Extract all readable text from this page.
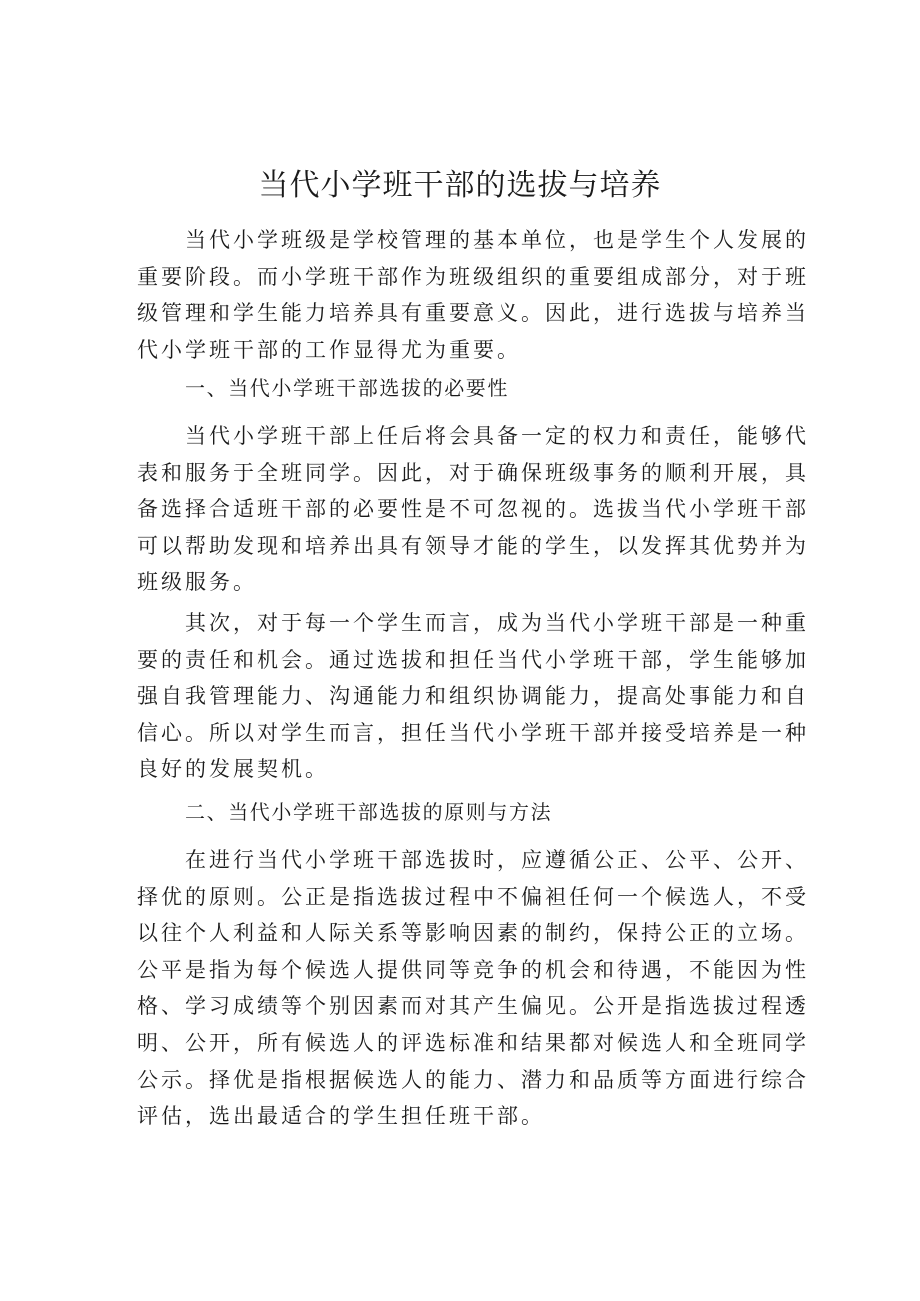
当代小学班干部的选拔与培养

当代小学班级是学校管理的基本单位，也是学生个人发展的重要阶段。而小学班干部作为班级组织的重要组成部分，对于班级管理和学生能力培养具有重要意义。因此，进行选拔与培养当代小学班干部的工作显得尤为重要。

一、当代小学班干部选拔的必要性

当代小学班干部上任后将会具备一定的权力和责任，能够代表和服务于全班同学。因此，对于确保班级事务的顺利开展，具备选择合适班干部的必要性是不可忽视的。选拔当代小学班干部可以帮助发现和培养出具有领导才能的学生，以发挥其优势并为班级服务。

其次，对于每一个学生而言，成为当代小学班干部是一种重要的责任和机会。通过选拔和担任当代小学班干部，学生能够加强自我管理能力、沟通能力和组织协调能力，提高处事能力和自信心。所以对学生而言，担任当代小学班干部并接受培养是一种良好的发展契机。

二、当代小学班干部选拔的原则与方法

在进行当代小学班干部选拔时，应遵循公正、公平、公开、择优的原则。公正是指选拔过程中不偏袒任何一个候选人，不受以往个人利益和人际关系等影响因素的制约，保持公正的立场。公平是指为每个候选人提供同等竞争的机会和待遇，不能因为性格、学习成绩等个别因素而对其产生偏见。公开是指选拔过程透明、公开，所有候选人的评选标准和结果都对候选人和全班同学公示。择优是指根据候选人的能力、潜力和品质等方面进行综合评估，选出最适合的学生担任班干部。
